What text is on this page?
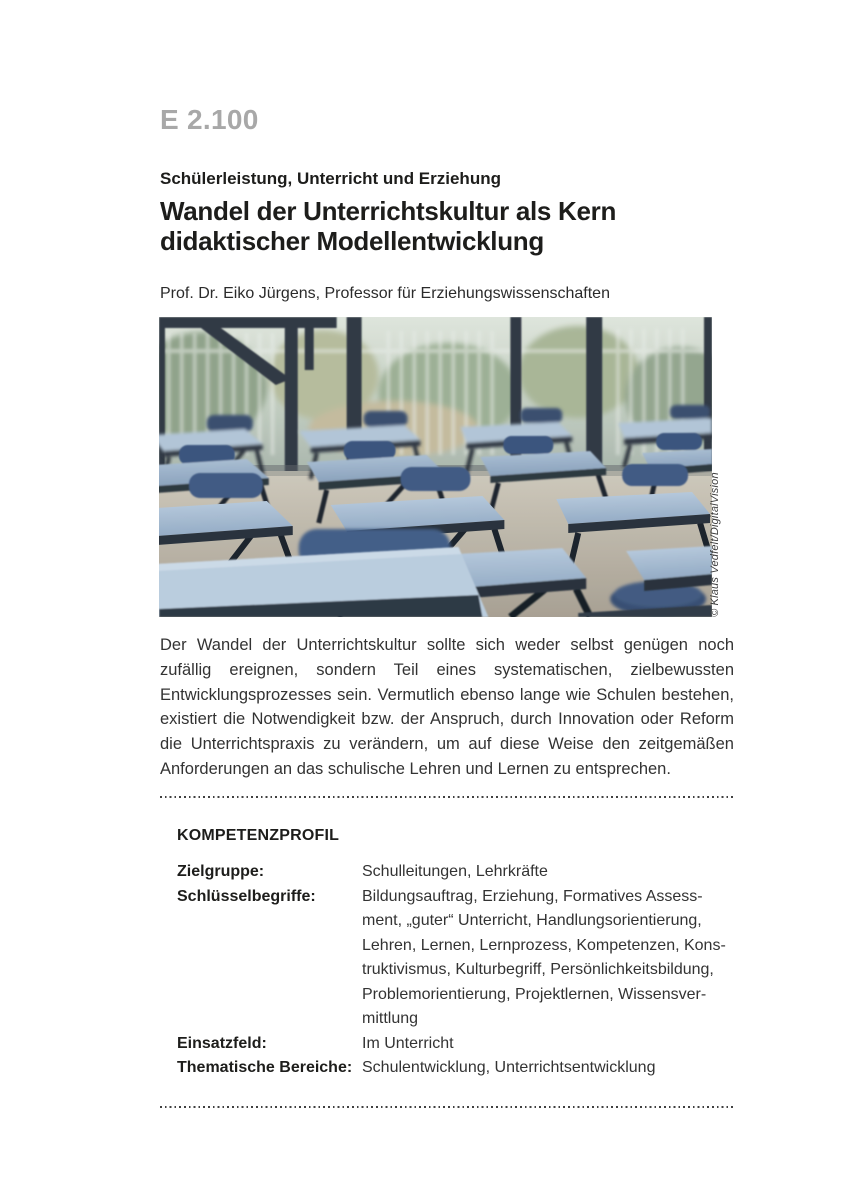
E 2.100
Schülerleistung, Unterricht und Erziehung
Wandel der Unterrichtskultur als Kern
didaktischer Modellentwicklung
Prof. Dr. Eiko Jürgens, Professor für Erziehungswissenschaften
© Klaus Vedfelt/DigitalVision

Der Wandel der Unterrichtskultur sollte sich weder selbst genügen noch zufällig ereignen, sondern Teil eines systematischen, zielbewussten Entwicklungsprozesses sein. Vermutlich ebenso lange wie Schulen bestehen, existiert die Notwendigkeit bzw. der Anspruch, durch Innovation oder Reform die Unterrichtspraxis zu verändern, um auf diese Weise den zeitgemäßen Anforderungen an das schulische Lehren und Lernen zu entsprechen.

KOMPETENZPROFIL
Zielgruppe:	Schulleitungen, Lehrkräfte
Schlüsselbegriffe:	Bildungsauftrag, Erziehung, Formatives Assessment, „guter“ Unterricht, Handlungsorientierung, Lehren, Lernen, Lernprozess, Kompetenzen, Konstruktivismus, Kulturbegriff, Persönlichkeitsbildung, Problemorientierung, Projektlernen, Wissensvermittlung
Einsatzfeld:	Im Unterricht
Thematische Bereiche: Schulentwicklung, Unterrichtsentwicklung
